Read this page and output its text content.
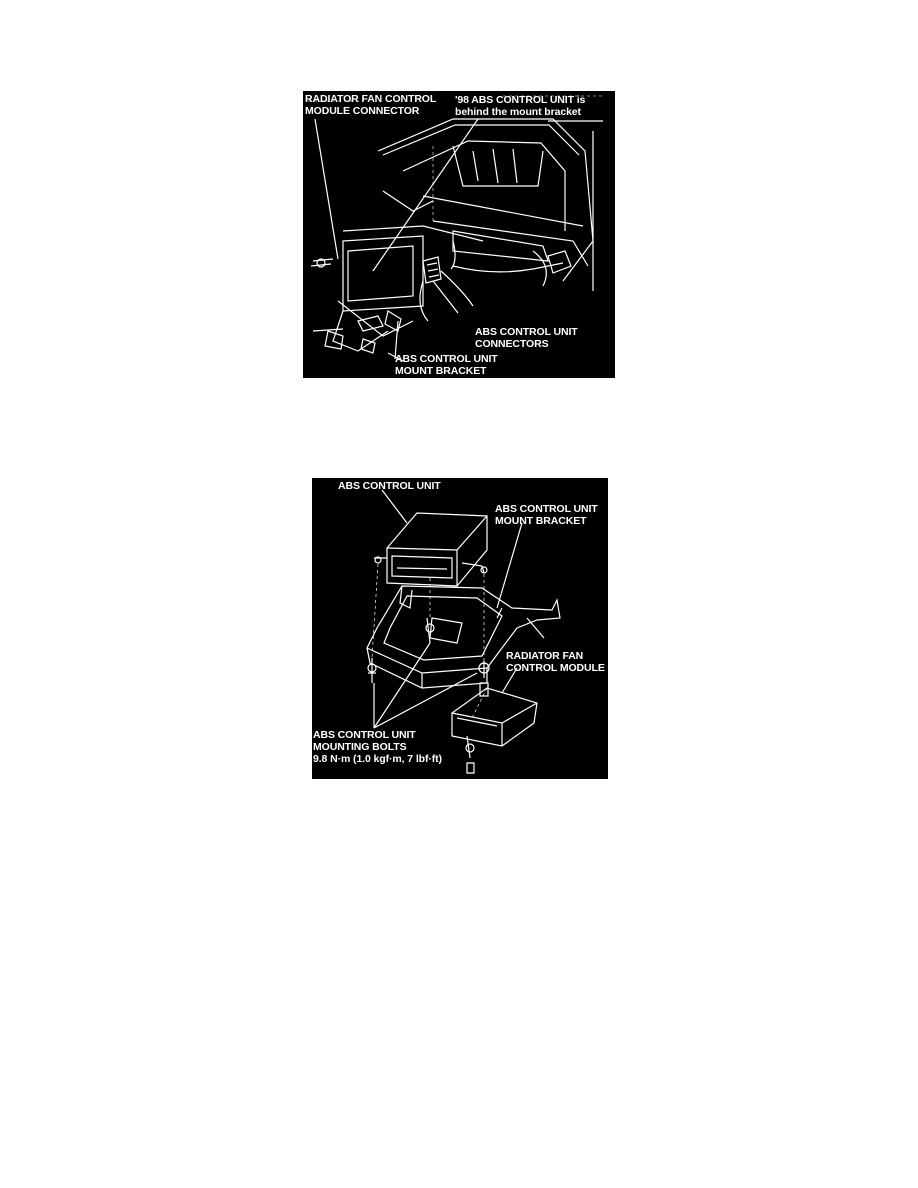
RADIATOR FAN CONTROL
MODULE CONNECTOR
'98 ABS CONTROL UNIT is
behind the mount bracket
ABS CONTROL UNIT
CONNECTORS
ABS CONTROL UNIT
MOUNT BRACKET
ABS CONTROL UNIT
ABS CONTROL UNIT
MOUNT BRACKET
RADIATOR FAN
CONTROL MODULE
ABS CONTROL UNIT
MOUNTING BOLTS
9.8 N·m (1.0 kgf·m, 7 lbf·ft)
